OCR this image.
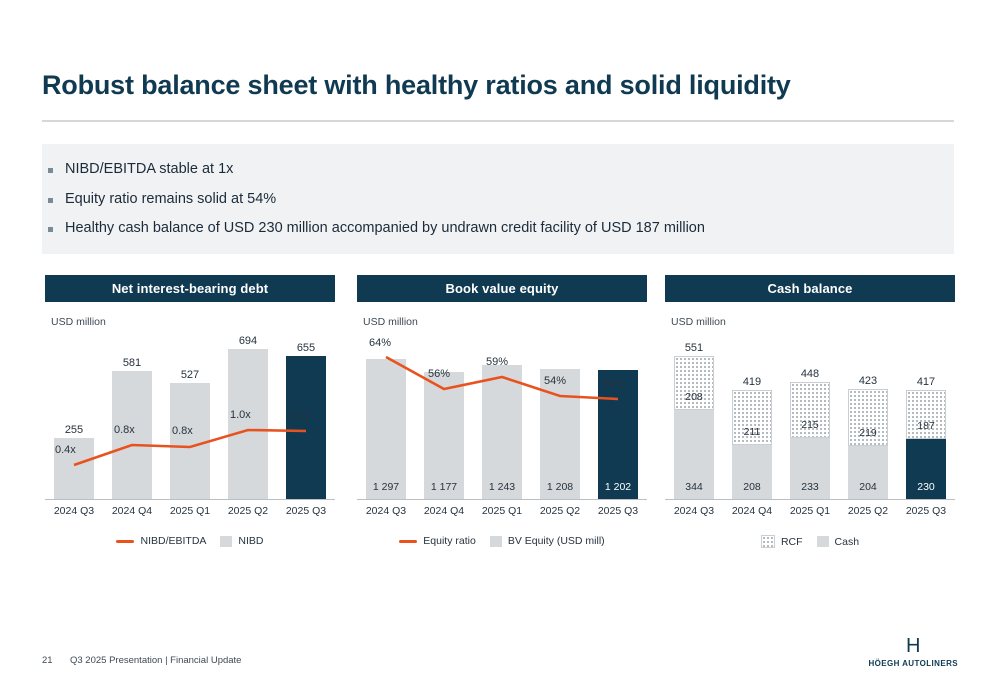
Robust balance sheet with healthy ratios and solid liquidity
NIBD/EBITDA stable at 1x
Equity ratio remains solid at 54%
Healthy cash balance of USD 230 million accompanied by undrawn credit facility of USD 187 million
Net interest-bearing debt
USD million
255
581
527
694
655
0.4x
0.8x	0.8x
1.0x	1.0x
2024 Q3	2024 Q4	2025 Q1	2025 Q2	2025 Q3
NIBD/EBITDA	NIBD
Book value equity
USD million
1 297	1 177	1 243	1 208	1 202
64%
56%
59%
54%	54%
2024 Q3	2024 Q4	2025 Q1	2025 Q2	2025 Q3
Equity ratio	BV Equity (USD mill)
Cash balance
USD million
551
208
344
419
211
208
448
215
233
423
219
204
417
187
230
2024 Q3	2024 Q4	2025 Q1	2025 Q2	2025 Q3
RCF	Cash
21 Q3 2025 Presentation | Financial Update
H
HÖEGH AUTOLINERS
